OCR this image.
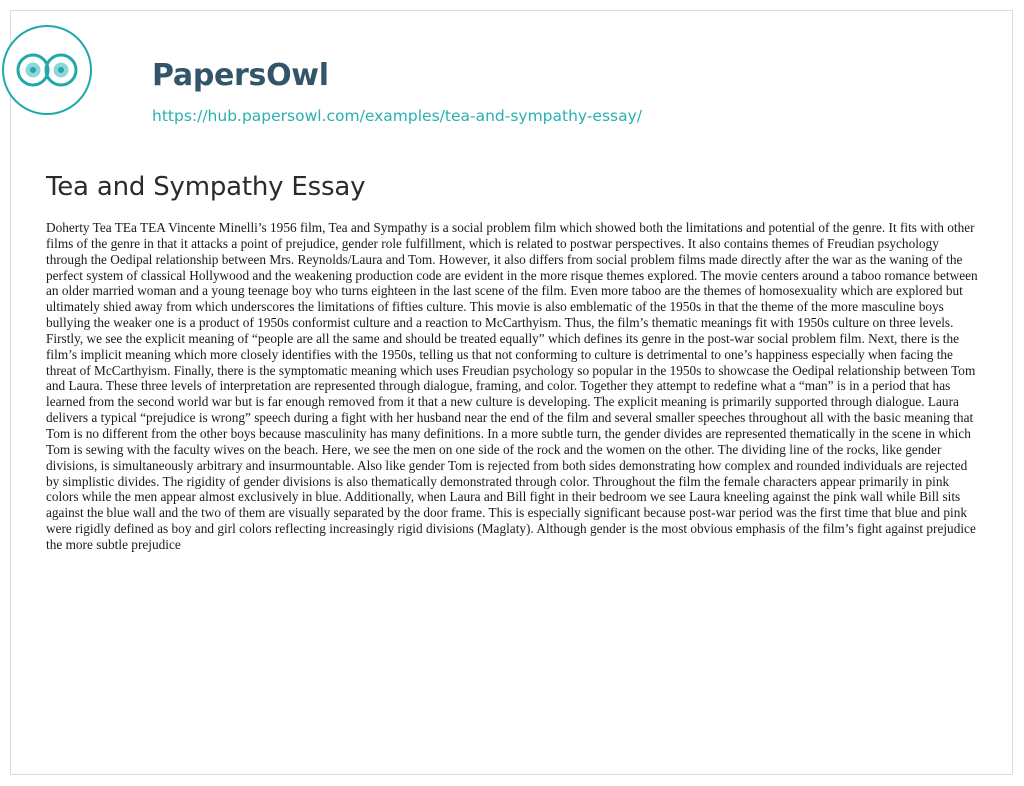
PapersOwl
https://hub.papersowl.com/examples/tea-and-sympathy-essay/
Tea and Sympathy Essay

Doherty Tea TEa TEA Vincente Minelli’s 1956 film, Tea and Sympathy is a social problem film which showed both the limitations and potential of the genre. It fits with other films of the genre in that it attacks a point of prejudice, gender role fulfillment, which is related to postwar perspectives. It also contains themes of Freudian psychology through the Oedipal relationship between Mrs. Reynolds/Laura and Tom. However, it also differs from social problem films made directly after the war as the waning of the perfect system of classical Hollywood and the weakening production code are evident in the more risque themes explored. The movie centers around a taboo romance between an older married woman and a young teenage boy who turns eighteen in the last scene of the film. Even more taboo are the themes of homosexuality which are explored but ultimately shied away from which underscores the limitations of fifties culture. This movie is also emblematic of the 1950s in that the theme of the more masculine boys bullying the weaker one is a product of 1950s conformist culture and a reaction to McCarthyism. Thus, the film’s thematic meanings fit with 1950s culture on three levels. Firstly, we see the explicit meaning of “people are all the same and should be treated equally” which defines its genre in the post-war social problem film. Next, there is the film’s implicit meaning which more closely identifies with the 1950s, telling us that not conforming to culture is detrimental to one’s happiness especially when facing the threat of McCarthyism. Finally, there is the symptomatic meaning which uses Freudian psychology so popular in the 1950s to showcase the Oedipal relationship between Tom and Laura. These three levels of interpretation are represented through dialogue, framing, and color. Together they attempt to redefine what a “man” is in a period that has learned from the second world war but is far enough removed from it that a new culture is developing. The explicit meaning is primarily supported through dialogue. Laura delivers a typical “prejudice is wrong” speech during a fight with her husband near the end of the film and several smaller speeches throughout all with the basic meaning that Tom is no different from the other boys because masculinity has many definitions. In a more subtle turn, the gender divides are represented thematically in the scene in which Tom is sewing with the faculty wives on the beach. Here, we see the men on one side of the rock and the women on the other. The dividing line of the rocks, like gender divisions, is simultaneously arbitrary and insurmountable. Also like gender Tom is rejected from both sides demonstrating how complex and rounded individuals are rejected by simplistic divides. The rigidity of gender divisions is also thematically demonstrated through color. Throughout the film the female characters appear primarily in pink colors while the men appear almost exclusively in blue. Additionally, when Laura and Bill fight in their bedroom we see Laura kneeling against the pink wall while Bill sits against the blue wall and the two of them are visually separated by the door frame. This is especially significant because post-war period was the first time that blue and pink were rigidly defined as boy and girl colors reflecting increasingly rigid divisions (Maglaty). Although gender is the most obvious emphasis of the film’s fight against prejudice the more subtle prejudice
